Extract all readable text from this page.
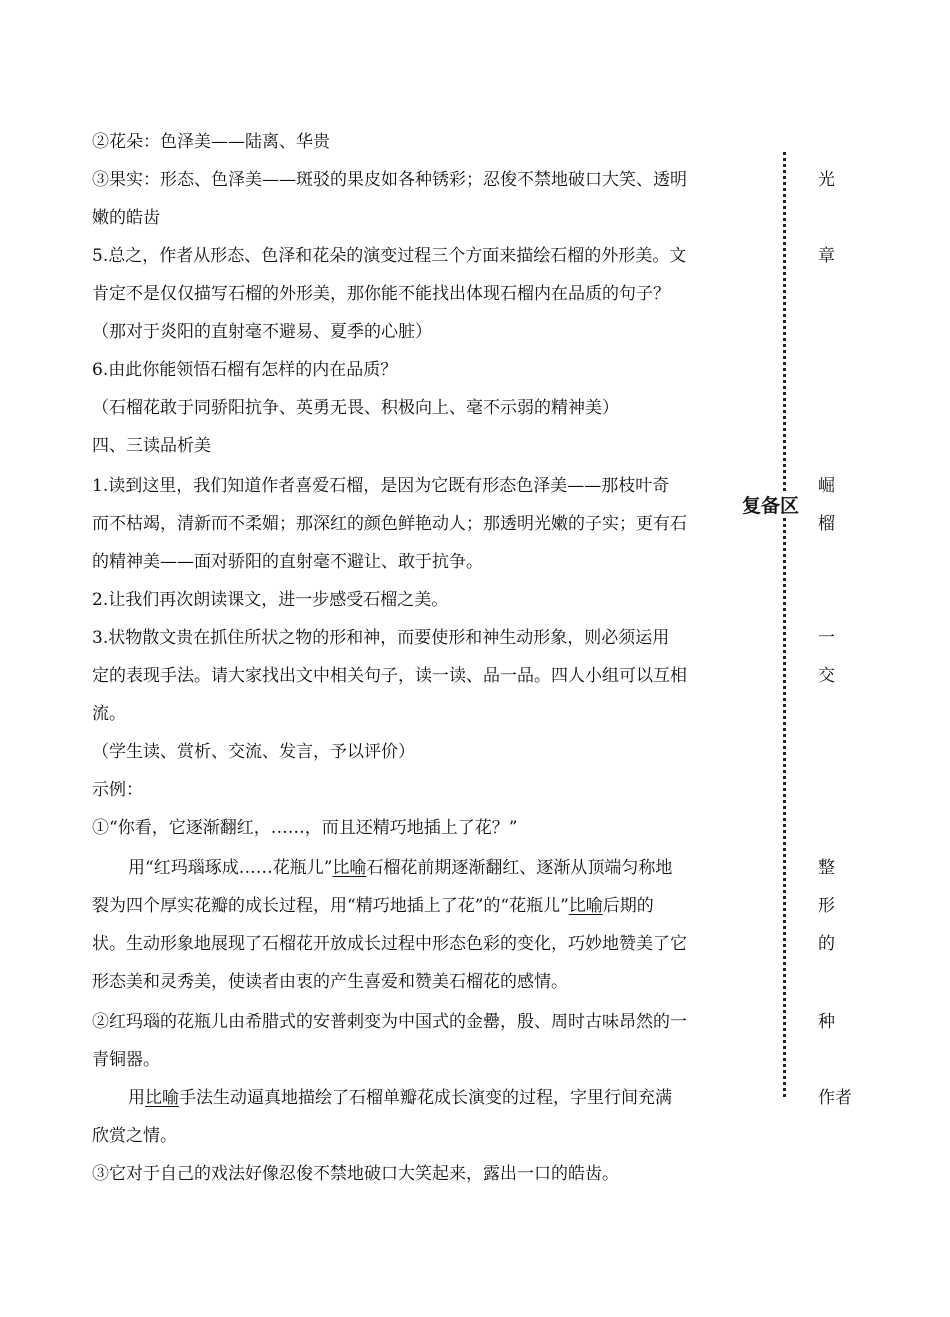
②花朵：色泽美——陆离、华贵
③果实：形态、色泽美——斑驳的果皮如各种锈彩；忍俊不禁地破口大笑、透明
嫩的皓齿
5.总之，作者从形态、色泽和花朵的演变过程三个方面来描绘石榴的外形美。文
肯定不是仅仅描写石榴的外形美，那你能不能找出体现石榴内在品质的句子？
（那对于炎阳的直射毫不避易、夏季的心脏）
6.由此你能领悟石榴有怎样的内在品质？
（石榴花敢于同骄阳抗争、英勇无畏、积极向上、毫不示弱的精神美）
四、三读品析美
1.读到这里，我们知道作者喜爱石榴，是因为它既有形态色泽美——那枝叶奇
而不枯竭，清新而不柔媚；那深红的颜色鲜艳动人；那透明光嫩的子实；更有石
的精神美——面对骄阳的直射毫不避让、敢于抗争。
2.让我们再次朗读课文，进一步感受石榴之美。
3.状物散文贵在抓住所状之物的形和神，而要使形和神生动形象，则必须运用
定的表现手法。请大家找出文中相关句子，读一读、品一品。四人小组可以互相
流。
（学生读、赏析、交流、发言，予以评价）
示例：
①“你看，它逐渐翻红，……，而且还精巧地插上了花？”
用“红玛瑙琢成……花瓶儿”比喻石榴花前期逐渐翻红、逐渐从顶端匀称地
裂为四个厚实花瓣的成长过程，用“精巧地插上了花”的“花瓶儿”比喻后期的
状。生动形象地展现了石榴花开放成长过程中形态色彩的变化，巧妙地赞美了它
形态美和灵秀美，使读者由衷的产生喜爱和赞美石榴花的感情。
②红玛瑙的花瓶儿由希腊式的安普剌变为中国式的金罍，殷、周时古味昂然的一
青铜器。
用比喻手法生动逼真地描绘了石榴单瓣花成长演变的过程，字里行间充满
欣赏之情。
③它对于自己的戏法好像忍俊不禁地破口大笑起来，露出一口的皓齿。
复备区
光
章
崛
榴
一
交
整
形
的
种
作者
